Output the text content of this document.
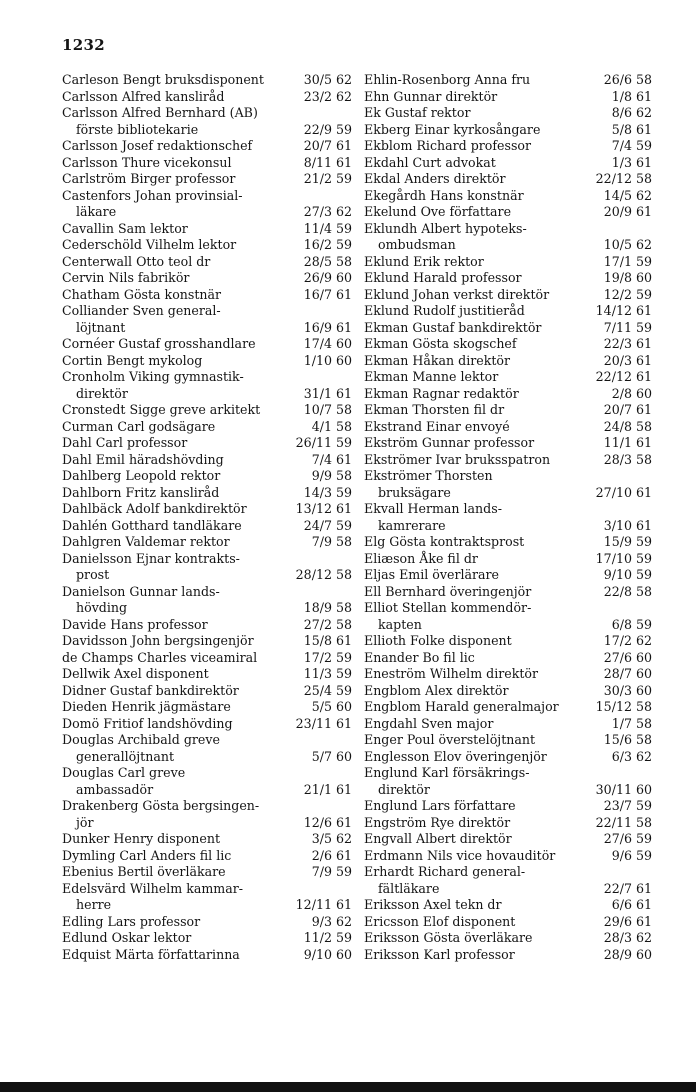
1232
Carleson Bengt bruksdisponent	30/5 62
Carlsson Alfred kansliråd	23/2 62
Carlsson Alfred Bernhard (AB)
förste bibliotekarie	22/9 59
Carlsson Josef redaktionschef	20/7 61
Carlsson Thure vicekonsul	8/11 61
Carlström Birger professor	21/2 59
Castenfors Johan provinsial-
läkare	27/3 62
Cavallin Sam lektor	11/4 59
Cederschöld Vilhelm lektor	16/2 59
Centerwall Otto teol dr	28/5 58
Cervin Nils fabrikör	26/9 60
Chatham Gösta konstnär	16/7 61
Colliander Sven general-
löjtnant	16/9 61
Cornéer Gustaf grosshandlare	17/4 60
Cortin Bengt mykolog	1/10 60
Cronholm Viking gymnastik-
direktör	31/1 61
Cronstedt Sigge greve arkitekt	10/7 58
Curman Carl godsägare	4/1 58
Dahl Carl professor	26/11 59
Dahl Emil häradshövding	7/4 61
Dahlberg Leopold rektor	9/9 58
Dahlborn Fritz kansliråd	14/3 59
Dahlbäck Adolf bankdirektör	13/12 61
Dahlén Gotthard tandläkare	24/7 59
Dahlgren Valdemar rektor	7/9 58
Danielsson Ejnar kontrakts-
prost	28/12 58
Danielson Gunnar lands-
hövding	18/9 58
Davide Hans professor	27/2 58
Davidsson John bergsingenjör	15/8 61
de Champs Charles viceamiral	17/2 59
Dellwik Axel disponent	11/3 59
Didner Gustaf bankdirektör	25/4 59
Dieden Henrik jägmästare	5/5 60
Domö Fritiof landshövding	23/11 61
Douglas Archibald greve
generallöjtnant	5/7 60
Douglas Carl greve
ambassadör	21/1 61
Drakenberg Gösta bergsingen-
jör	12/6 61
Dunker Henry disponent	3/5 62
Dymling Carl Anders fil lic	2/6 61
Ebenius Bertil överläkare	7/9 59
Edelsvärd Wilhelm kammar-
herre	12/11 61
Edling Lars professor	9/3 62
Edlund Oskar lektor	11/2 59
Edquist Märta författarinna	9/10 60
Ehlin-Rosenborg Anna fru	26/6 58
Ehn Gunnar direktör	1/8 61
Ek Gustaf rektor	8/6 62
Ekberg Einar kyrkosångare	5/8 61
Ekblom Richard professor	7/4 59
Ekdahl Curt advokat	1/3 61
Ekdal Anders direktör	22/12 58
Ekegårdh Hans konstnär	14/5 62
Ekelund Ove författare	20/9 61
Eklundh Albert hypoteks-
ombudsman	10/5 62
Eklund Erik rektor	17/1 59
Eklund Harald professor	19/8 60
Eklund Johan verkst direktör	12/2 59
Eklund Rudolf justitieråd	14/12 61
Ekman Gustaf bankdirektör	7/11 59
Ekman Gösta skogschef	22/3 61
Ekman Håkan direktör	20/3 61
Ekman Manne lektor	22/12 61
Ekman Ragnar redaktör	2/8 60
Ekman Thorsten fil dr	20/7 61
Ekstrand Einar envoyé	24/8 58
Ekström Gunnar professor	11/1 61
Ekströmer Ivar bruksspatron	28/3 58
Ekströmer Thorsten
bruksägare	27/10 61
Ekvall Herman lands-
kamrerare	3/10 61
Elg Gösta kontraktsprost	15/9 59
Eliæson Åke fil dr	17/10 59
Eljas Emil överlärare	9/10 59
Ell Bernhard överingenjör	22/8 58
Elliot Stellan kommendör-
kapten	6/8 59
Ellioth Folke disponent	17/2 62
Enander Bo fil lic	27/6 60
Eneström Wilhelm direktör	28/7 60
Engblom Alex direktör	30/3 60
Engblom Harald generalmajor	15/12 58
Engdahl Sven major	1/7 58
Enger Poul överstelöjtnant	15/6 58
Englesson Elov överingenjör	6/3 62
Englund Karl försäkrings-
direktör	30/11 60
Englund Lars författare	23/7 59
Engström Rye direktör	22/11 58
Engvall Albert direktör	27/6 59
Erdmann Nils vice hovauditör	9/6 59
Erhardt Richard general-
fältläkare	22/7 61
Eriksson Axel tekn dr	6/6 61
Ericsson Elof disponent	29/6 61
Eriksson Gösta överläkare	28/3 62
Eriksson Karl professor	28/9 60
